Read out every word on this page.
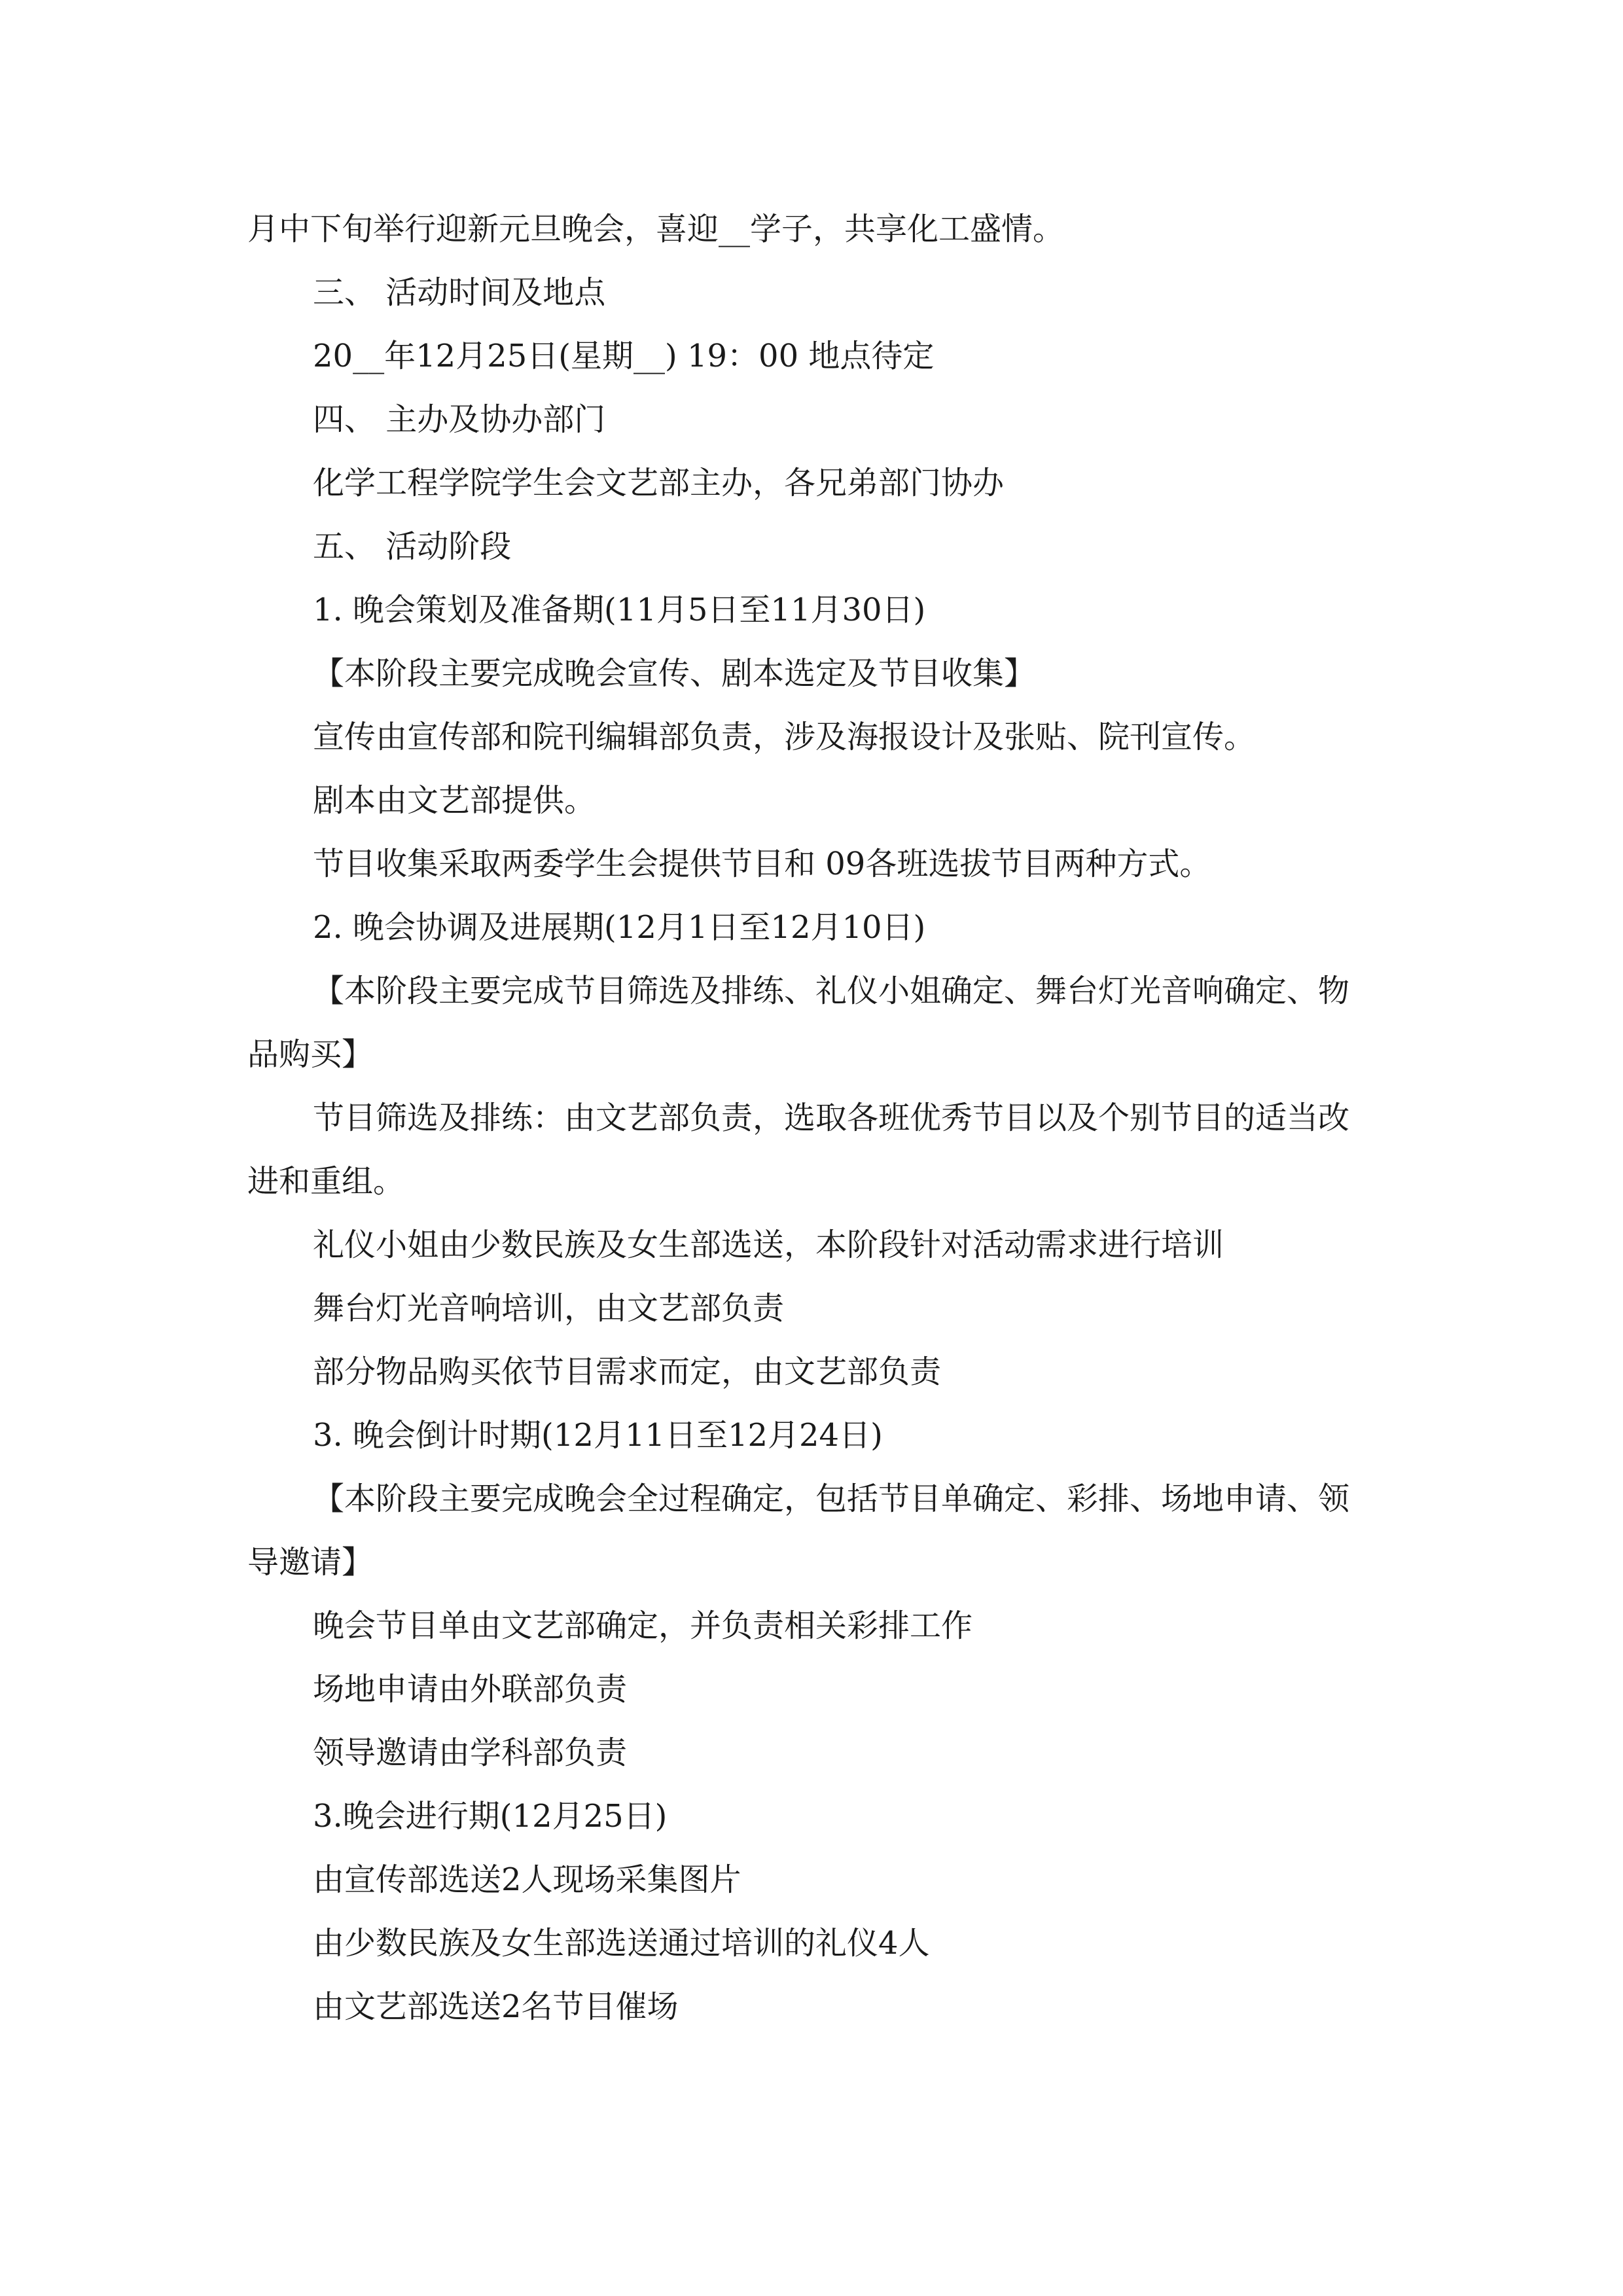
月中下旬举行迎新元旦晚会，喜迎__学子，共享化工盛情。
三、 活动时间及地点
20__年12月25日(星期__) 19：00 地点待定
四、 主办及协办部门
化学工程学院学生会文艺部主办，各兄弟部门协办
五、 活动阶段
1. 晚会策划及准备期(11月5日至11月30日)
【本阶段主要完成晚会宣传、剧本选定及节目收集】
宣传由宣传部和院刊编辑部负责，涉及海报设计及张贴、院刊宣传。
剧本由文艺部提供。
节目收集采取两委学生会提供节目和 09各班选拔节目两种方式。
2. 晚会协调及进展期(12月1日至12月10日)
【本阶段主要完成节目筛选及排练、礼仪小姐确定、舞台灯光音响确定、物
品购买】
节目筛选及排练：由文艺部负责，选取各班优秀节目以及个别节目的适当改
进和重组。
礼仪小姐由少数民族及女生部选送，本阶段针对活动需求进行培训
舞台灯光音响培训，由文艺部负责
部分物品购买依节目需求而定，由文艺部负责
3. 晚会倒计时期(12月11日至12月24日)
【本阶段主要完成晚会全过程确定，包括节目单确定、彩排、场地申请、领
导邀请】
晚会节目单由文艺部确定，并负责相关彩排工作
场地申请由外联部负责
领导邀请由学科部负责
3.晚会进行期(12月25日)
由宣传部选送2人现场采集图片
由少数民族及女生部选送通过培训的礼仪4人
由文艺部选送2名节目催场
